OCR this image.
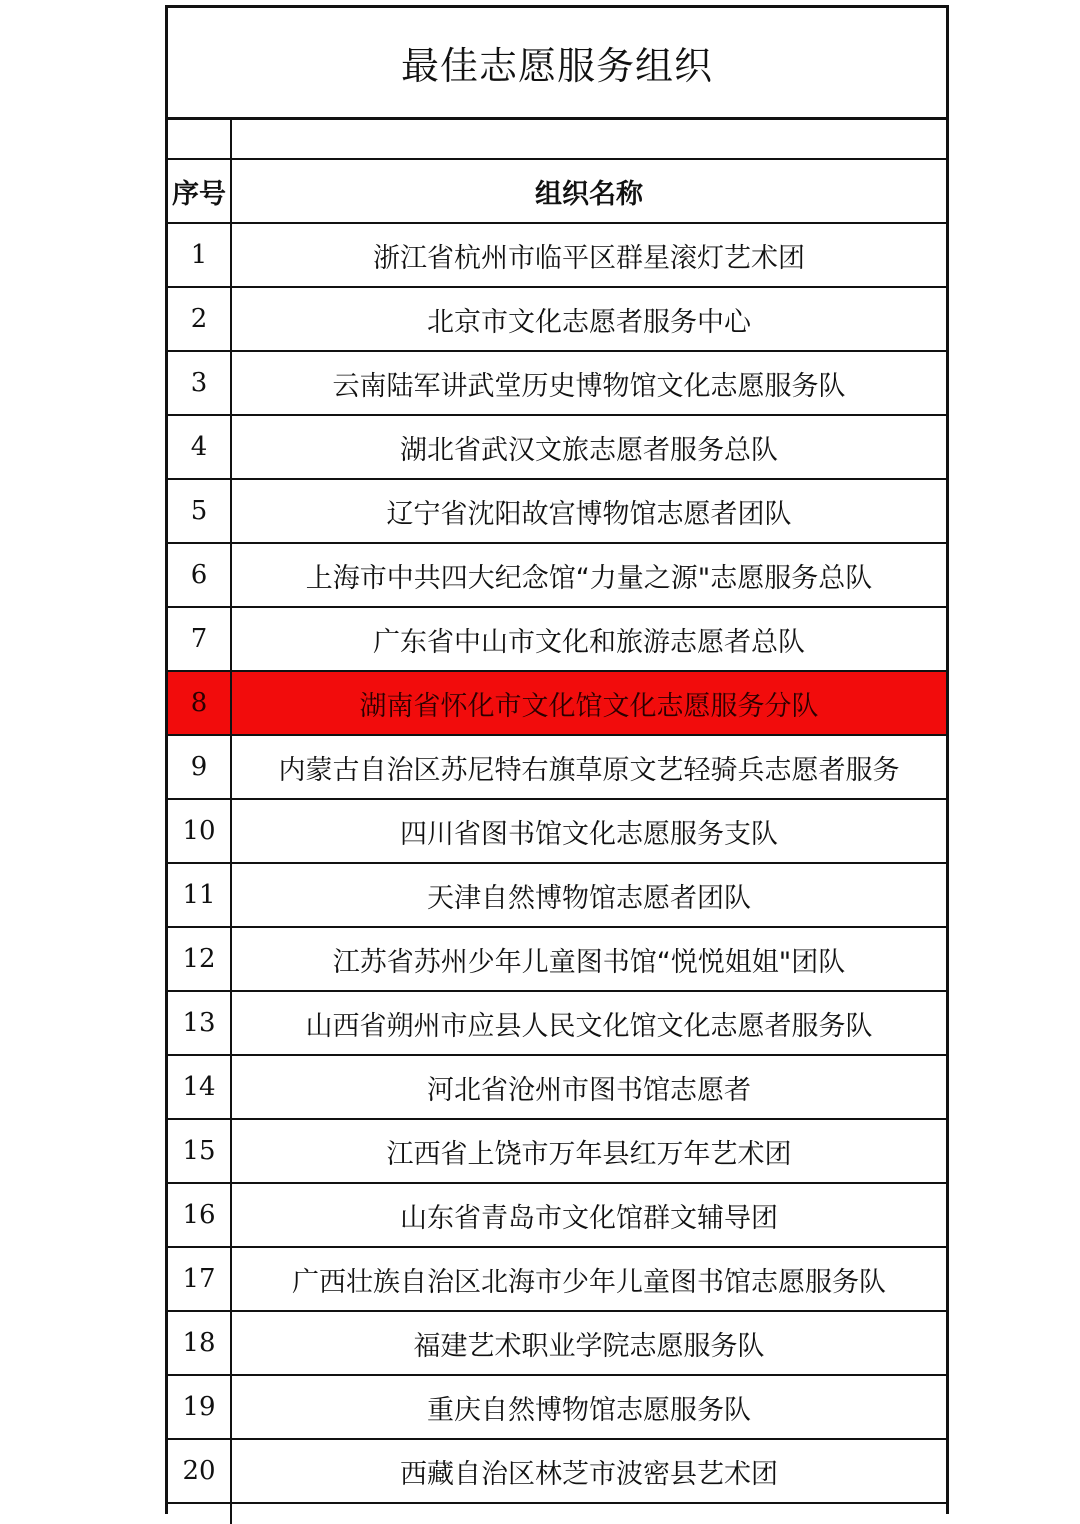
最佳志愿服务组织
序号	组织名称
1	浙江省杭州市临平区群星滚灯艺术团
2	北京市文化志愿者服务中心
3	云南陆军讲武堂历史博物馆文化志愿服务队
4	湖北省武汉文旅志愿者服务总队
5	辽宁省沈阳故宫博物馆志愿者团队
6	上海市中共四大纪念馆“力量之源"志愿服务总队
7	广东省中山市文化和旅游志愿者总队
8	湖南省怀化市文化馆文化志愿服务分队
9	内蒙古自治区苏尼特右旗草原文艺轻骑兵志愿者服务
10	四川省图书馆文化志愿服务支队
11	天津自然博物馆志愿者团队
12	江苏省苏州少年儿童图书馆“悦悦姐姐"团队
13	山西省朔州市应县人民文化馆文化志愿者服务队
14	河北省沧州市图书馆志愿者
15	江西省上饶市万年县红万年艺术团
16	山东省青岛市文化馆群文辅导团
17	广西壮族自治区北海市少年儿童图书馆志愿服务队
18	福建艺术职业学院志愿服务队
19	重庆自然博物馆志愿服务队
20	西藏自治区林芝市波密县艺术团
